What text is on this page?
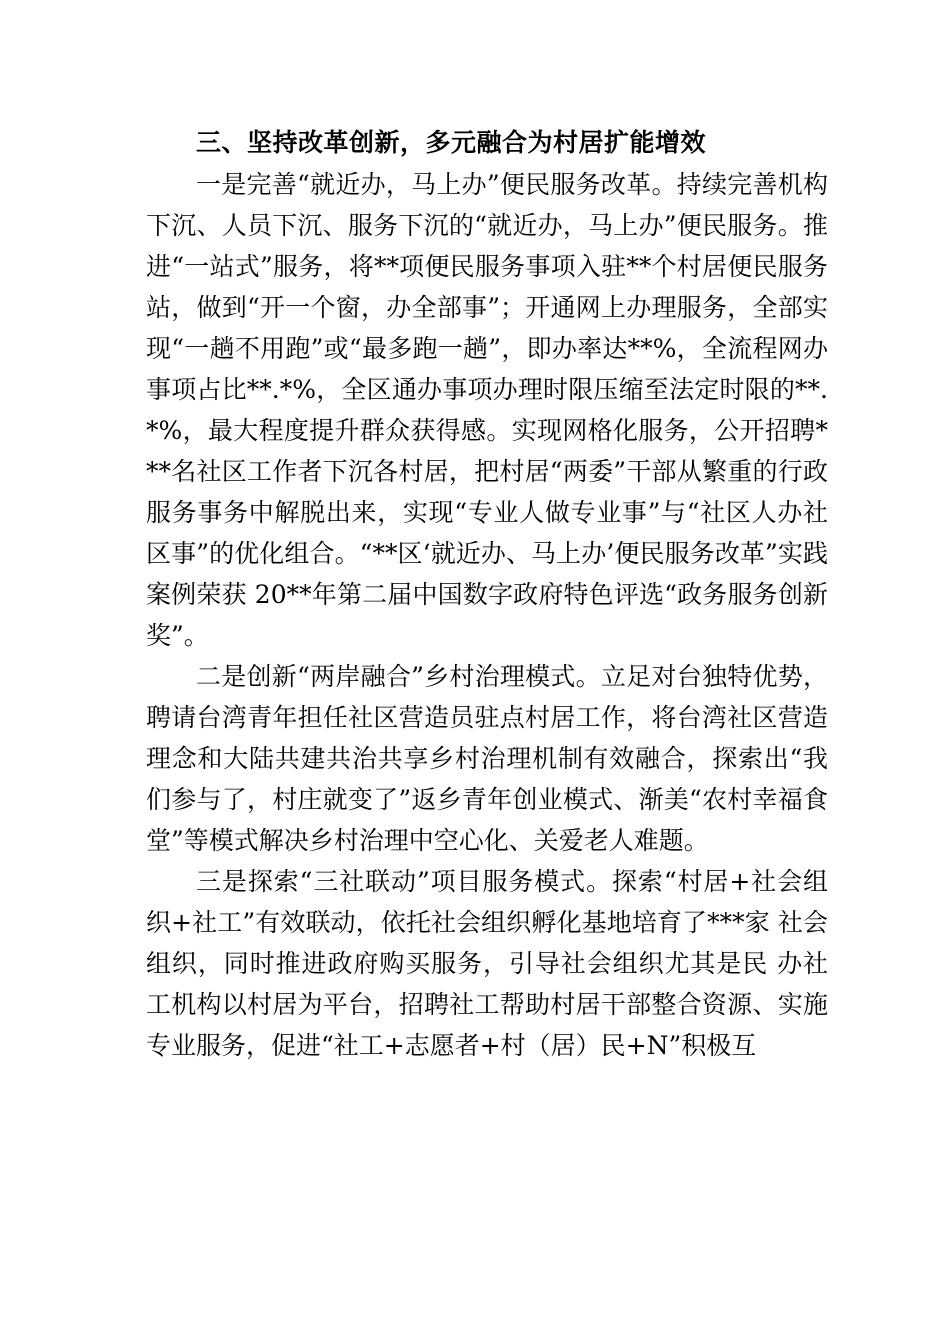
三、坚持改革创新，多元融合为村居扩能增效

一是完善“就近办，马上办”便民服务改革。持续完善机构下沉、人员下沉、服务下沉的“就近办，马上办”便民服务。推进“一站式”服务，将**项便民服务事项入驻**个村居便民服务站，做到“开一个窗，办全部事”；开通网上办理服务，全部实现“一趟不用跑”或“最多跑一趟”，即办率达**%，全流程网办事项占比**.*%，全区通办事项办理时限压缩至法定时限的**.*%，最大程度提升群众获得感。实现网格化服务，公开招聘***名社区工作者下沉各村居，把村居“两委”干部从繁重的行政服务事务中解脱出来，实现“专业人做专业事”与“社区人办社区事”的优化组合。“**区‘就近办、马上办’便民服务改革”实践案例荣获 20**年第二届中国数字政府特色评选“政务服务创新奖”。

二是创新“两岸融合”乡村治理模式。立足对台独特优势，聘请台湾青年担任社区营造员驻点村居工作，将台湾社区营造理念和大陆共建共治共享乡村治理机制有效融合，探索出“我们参与了，村庄就变了”返乡青年创业模式、渐美“农村幸福食堂”等模式解决乡村治理中空心化、关爱老人难题。

三是探索“三社联动”项目服务模式。探索“村居+社会组织+社工”有效联动，依托社会组织孵化基地培育了***家 社会组织，同时推进政府购买服务，引导社会组织尤其是民 办社工机构以村居为平台，招聘社工帮助村居干部整合资源、实施专业服务，促进“社工+志愿者+村（居）民+N”积极互
